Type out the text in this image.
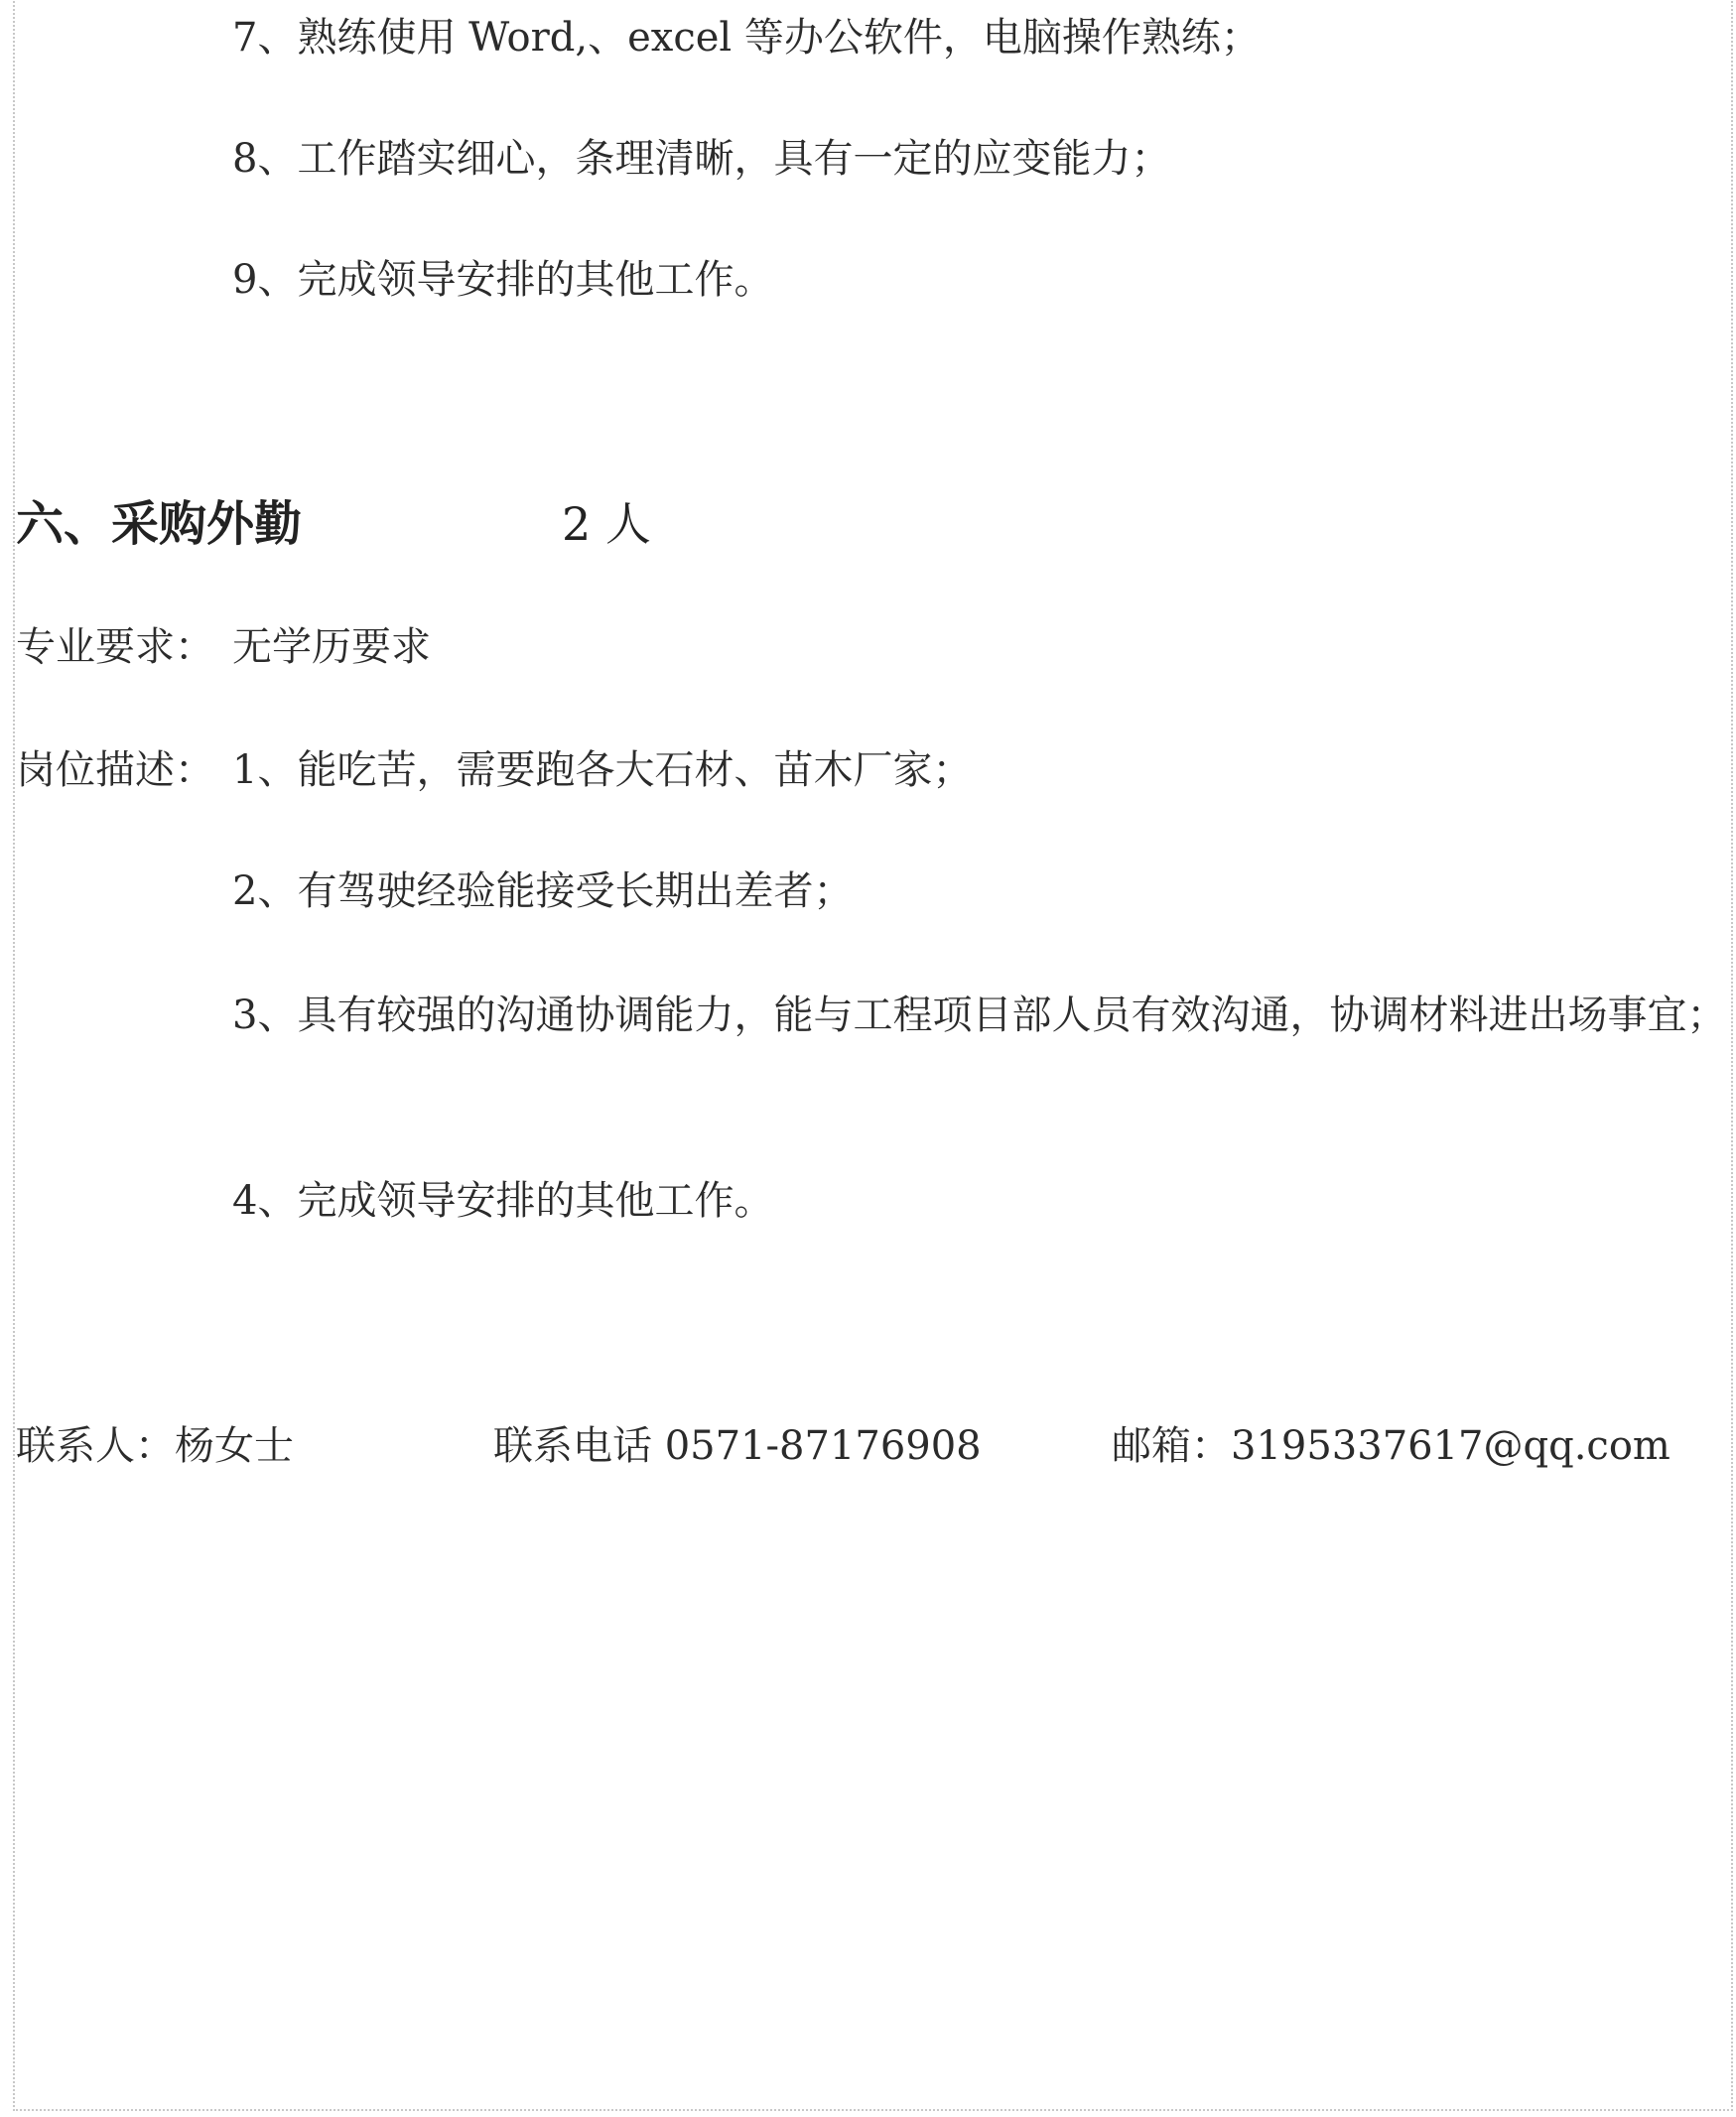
7、熟练使用 Word,、excel 等办公软件，电脑操作熟练；
8、工作踏实细心，条理清晰，具有一定的应变能力；
9、完成领导安排的其他工作。
六、采购外勤	2 人
专业要求： 无学历要求
岗位描述： 1、能吃苦，需要跑各大石材、苗木厂家；
2、有驾驶经验能接受长期出差者；
3、具有较强的沟通协调能力，能与工程项目部人员有效沟通，协调材料进出场事宜；
4、完成领导安排的其他工作。
联系人：杨女士	联系电话 0571-87176908	邮箱：3195337617@qq.com
